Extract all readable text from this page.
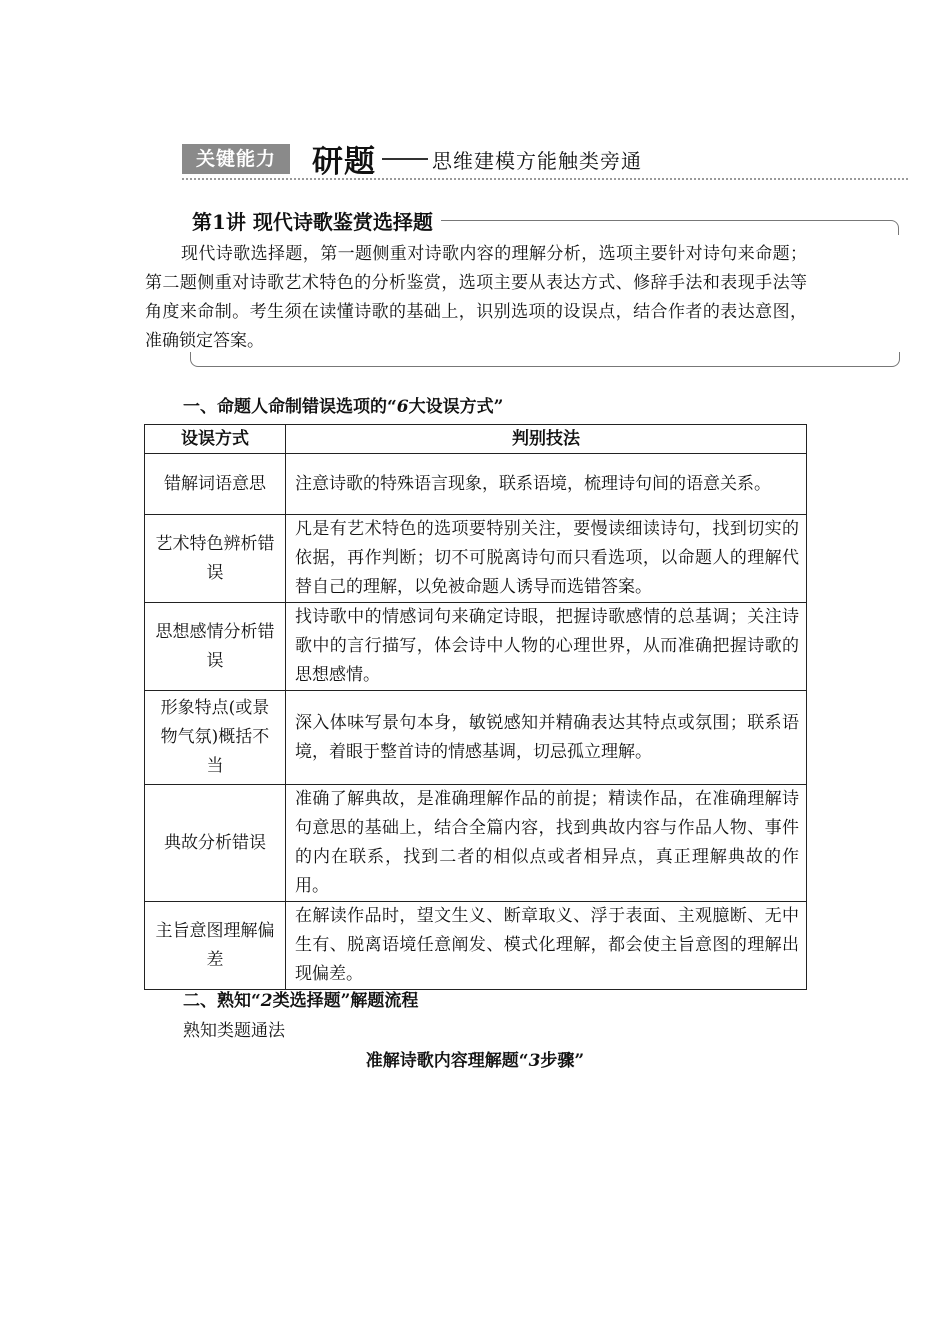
关键能力	研题	思维建模方能触类旁通
第1讲 现代诗歌鉴赏选择题
现代诗歌选择题，第一题侧重对诗歌内容的理解分析，选项主要针对诗句来命题；第二题侧重对诗歌艺术特色的分析鉴赏，选项主要从表达方式、修辞手法和表现手法等角度来命制。考生须在读懂诗歌的基础上，识别选项的设误点，结合作者的表达意图，准确锁定答案。
一、命题人命制错误选项的“6大设误方式”
设误方式	判别技法
错解词语意思	注意诗歌的特殊语言现象，联系语境，梳理诗句间的语意关系。
艺术特色辨析错误	凡是有艺术特色的选项要特别关注，要慢读细读诗句，找到切实的依据，再作判断；切不可脱离诗句而只看选项，以命题人的理解代替自己的理解，以免被命题人诱导而选错答案。
思想感情分析错误	找诗歌中的情感词句来确定诗眼，把握诗歌感情的总基调；关注诗歌中的言行描写，体会诗中人物的心理世界，从而准确把握诗歌的思想感情。
形象特点(或景物气氛)概括不当	深入体味写景句本身，敏锐感知并精确表达其特点或氛围；联系语境，着眼于整首诗的情感基调，切忌孤立理解。
典故分析错误	准确了解典故，是准确理解作品的前提；精读作品，在准确理解诗句意思的基础上，结合全篇内容，找到典故内容与作品人物、事件的内在联系，找到二者的相似点或者相异点，真正理解典故的作用。
主旨意图理解偏差	在解读作品时，望文生义、断章取义、浮于表面、主观臆断、无中生有、脱离语境任意阐发、模式化理解，都会使主旨意图的理解出现偏差。
二、熟知“2类选择题”解题流程
熟知类题通法
准解诗歌内容理解题“3步骤”
